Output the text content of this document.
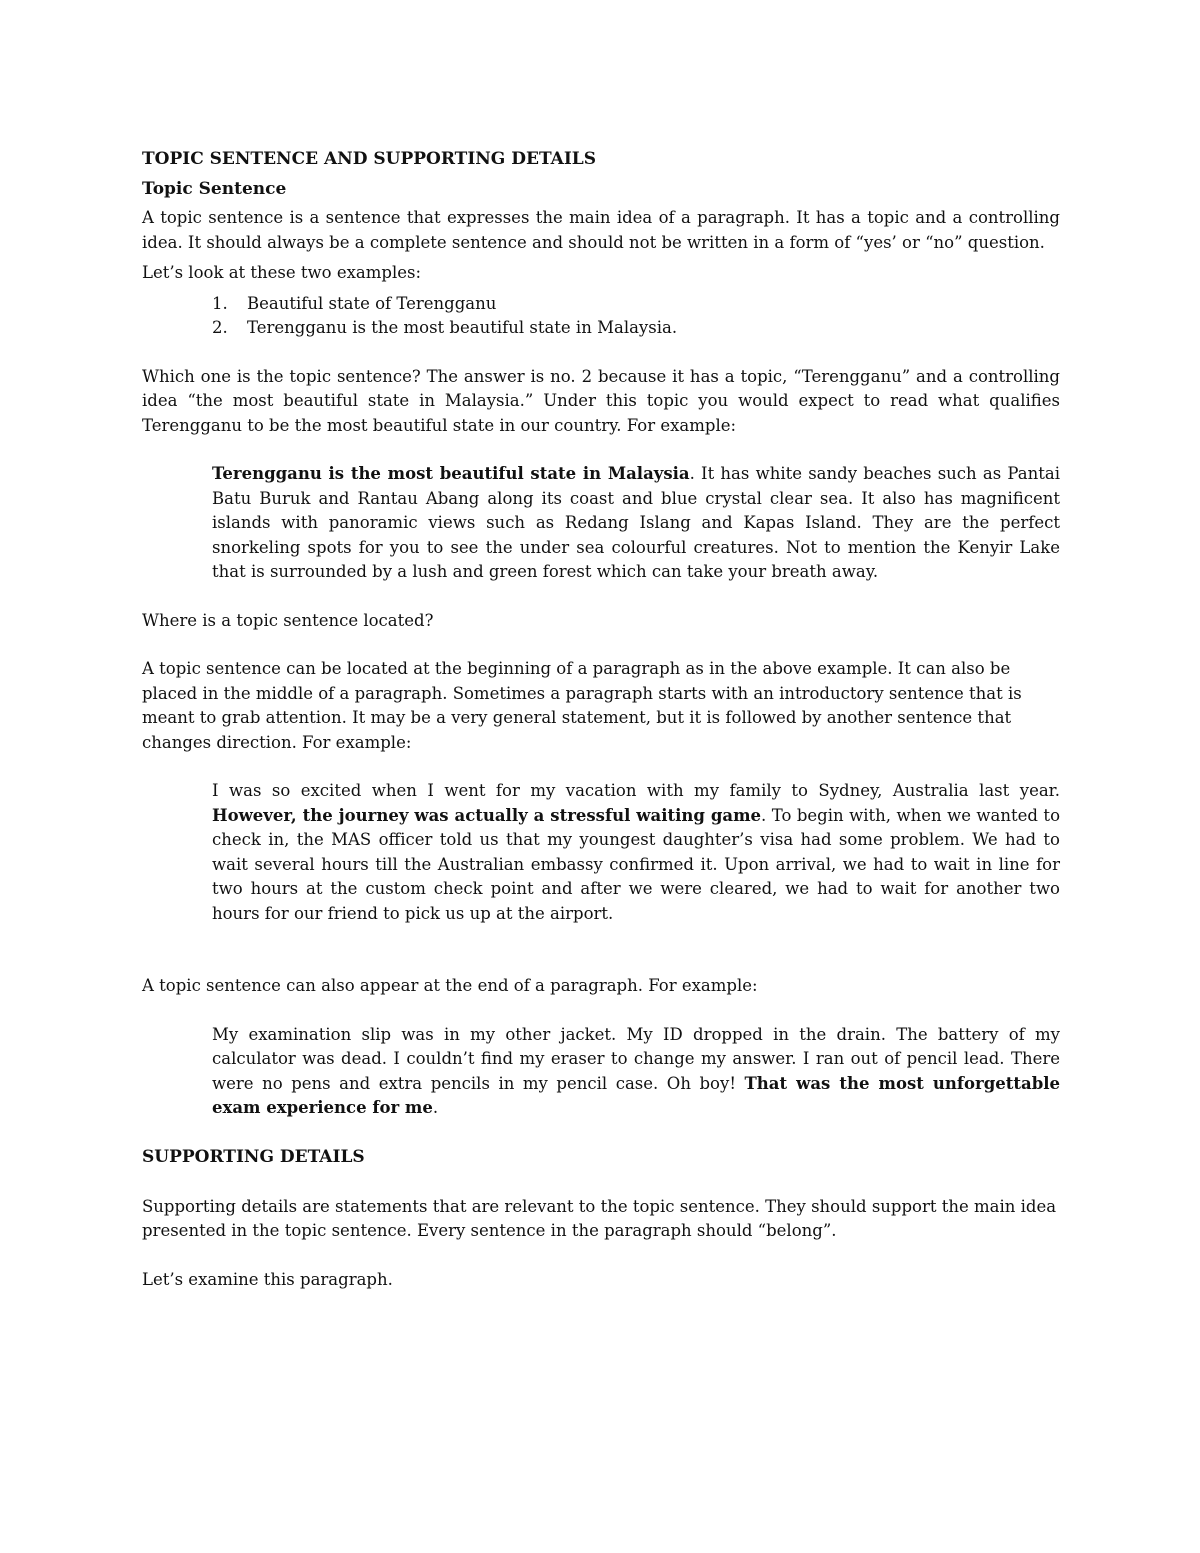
TOPIC SENTENCE AND SUPPORTING DETAILS
Topic Sentence

A topic sentence is a sentence that expresses the main idea of a paragraph. It has a topic and a controlling idea. It should always be a complete sentence and should not be written in a form of “yes’ or “no” question.

Let’s look at these two examples:

1. Beautiful state of Terengganu
2. Terengganu is the most beautiful state in Malaysia.

Which one is the topic sentence? The answer is no. 2 because it has a topic, “Terengganu” and a controlling idea “the most beautiful state in Malaysia.” Under this topic you would expect to read what qualifies Terengganu to be the most beautiful state in our country. For example:

Terengganu is the most beautiful state in Malaysia. It has white sandy beaches such as Pantai Batu Buruk and Rantau Abang along its coast and blue crystal clear sea. It also has magnificent islands with panoramic views such as Redang Islang and Kapas Island. They are the perfect snorkeling spots for you to see the under sea colourful creatures. Not to mention the Kenyir Lake that is surrounded by a lush and green forest which can take your breath away.

Where is a topic sentence located?

A topic sentence can be located at the beginning of a paragraph as in the above example. It can also be placed in the middle of a paragraph. Sometimes a paragraph starts with an introductory sentence that is meant to grab attention. It may be a very general statement, but it is followed by another sentence that changes direction. For example:

I was so excited when I went for my vacation with my family to Sydney, Australia last year. However, the journey was actually a stressful waiting game. To begin with, when we wanted to check in, the MAS officer told us that my youngest daughter’s visa had some problem. We had to wait several hours till the Australian embassy confirmed it. Upon arrival, we had to wait in line for two hours at the custom check point and after we were cleared, we had to wait for another two hours for our friend to pick us up at the airport.

A topic sentence can also appear at the end of a paragraph. For example:

My examination slip was in my other jacket. My ID dropped in the drain. The battery of my calculator was dead. I couldn’t find my eraser to change my answer. I ran out of pencil lead. There were no pens and extra pencils in my pencil case. Oh boy! That was the most unforgettable exam experience for me.

SUPPORTING DETAILS

Supporting details are statements that are relevant to the topic sentence. They should support the main idea presented in the topic sentence. Every sentence in the paragraph should “belong”.

Let’s examine this paragraph.
